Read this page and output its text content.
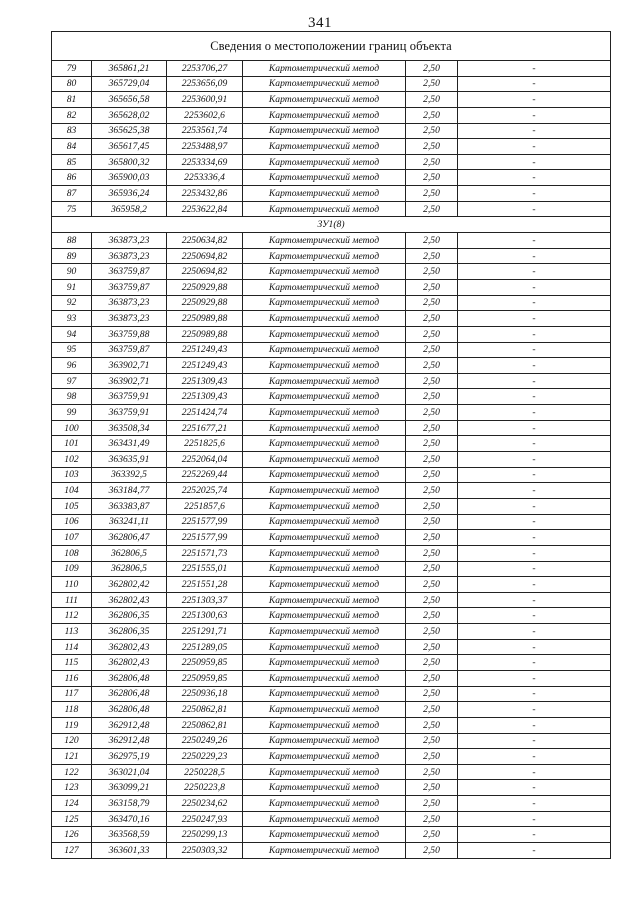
341
Сведения о местоположении границ объекта					
79	365861,21	2253706,27	Картометрический метод	2,50	-
80	365729,04	2253656,09	Картометрический метод	2,50	-
81	365656,58	2253600,91	Картометрический метод	2,50	-
82	365628,02	2253602,6	Картометрический метод	2,50	-
83	365625,38	2253561,74	Картометрический метод	2,50	-
84	365617,45	2253488,97	Картометрический метод	2,50	-
85	365800,32	2253334,69	Картометрический метод	2,50	-
86	365900,03	2253336,4	Картометрический метод	2,50	-
87	365936,24	2253432,86	Картометрический метод	2,50	-
75	365958,2	2253622,84	Картометрический метод	2,50	-
ЗУ1(8)					
88	363873,23	2250634,82	Картометрический метод	2,50	-
89	363873,23	2250694,82	Картометрический метод	2,50	-
90	363759,87	2250694,82	Картометрический метод	2,50	-
91	363759,87	2250929,88	Картометрический метод	2,50	-
92	363873,23	2250929,88	Картометрический метод	2,50	-
93	363873,23	2250989,88	Картометрический метод	2,50	-
94	363759,88	2250989,88	Картометрический метод	2,50	-
95	363759,87	2251249,43	Картометрический метод	2,50	-
96	363902,71	2251249,43	Картометрический метод	2,50	-
97	363902,71	2251309,43	Картометрический метод	2,50	-
98	363759,91	2251309,43	Картометрический метод	2,50	-
99	363759,91	2251424,74	Картометрический метод	2,50	-
100	363508,34	2251677,21	Картометрический метод	2,50	-
101	363431,49	2251825,6	Картометрический метод	2,50	-
102	363635,91	2252064,04	Картометрический метод	2,50	-
103	363392,5	2252269,44	Картометрический метод	2,50	-
104	363184,77	2252025,74	Картометрический метод	2,50	-
105	363383,87	2251857,6	Картометрический метод	2,50	-
106	363241,11	2251577,99	Картометрический метод	2,50	-
107	362806,47	2251577,99	Картометрический метод	2,50	-
108	362806,5	2251571,73	Картометрический метод	2,50	-
109	362806,5	2251555,01	Картометрический метод	2,50	-
110	362802,42	2251551,28	Картометрический метод	2,50	-
111	362802,43	2251303,37	Картометрический метод	2,50	-
112	362806,35	2251300,63	Картометрический метод	2,50	-
113	362806,35	2251291,71	Картометрический метод	2,50	-
114	362802,43	2251289,05	Картометрический метод	2,50	-
115	362802,43	2250959,85	Картометрический метод	2,50	-
116	362806,48	2250959,85	Картометрический метод	2,50	-
117	362806,48	2250936,18	Картометрический метод	2,50	-
118	362806,48	2250862,81	Картометрический метод	2,50	-
119	362912,48	2250862,81	Картометрический метод	2,50	-
120	362912,48	2250249,26	Картометрический метод	2,50	-
121	362975,19	2250229,23	Картометрический метод	2,50	-
122	363021,04	2250228,5	Картометрический метод	2,50	-
123	363099,21	2250223,8	Картометрический метод	2,50	-
124	363158,79	2250234,62	Картометрический метод	2,50	-
125	363470,16	2250247,93	Картометрический метод	2,50	-
126	363568,59	2250299,13	Картометрический метод	2,50	-
127	363601,33	2250303,32	Картометрический метод	2,50	-
